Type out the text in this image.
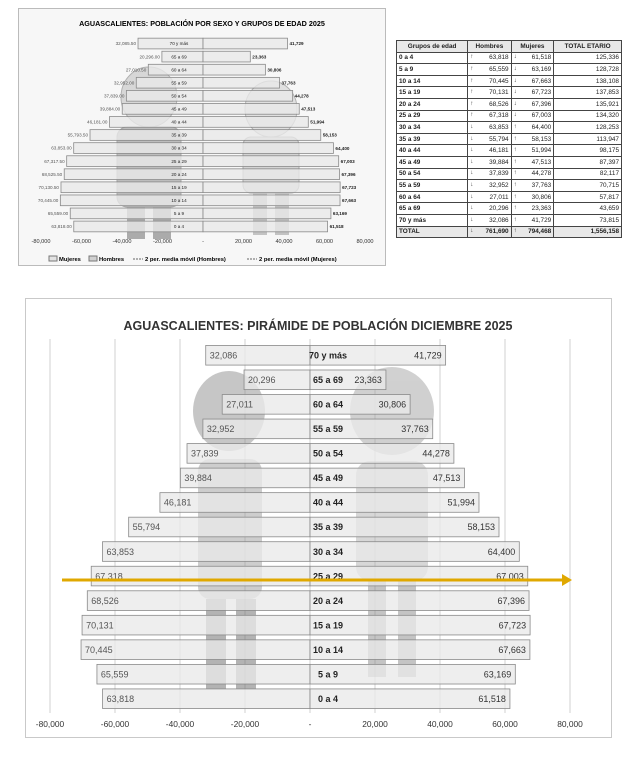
AGUASCALIENTES: POBLACIÓN POR SEXO Y GRUPOS DE EDAD 2025
70 y más
32,085.50
65 a 69
20,296.00
60 a 64
27,010.50
55 a 59
32,952.00
50 a 54
37,839.00
45 a 49
39,884.00
40 a 44
46,181.00
35 a 39
55,793.50
30 a 34
63,853.00
25 a 29
67,317.50
20 a 24
68,525.50
15 a 19
70,130.50
10 a 14
70,445.00
5 a 9
65,559.00
0 a 4
63,818.00
41,729
23,363
30,806
37,763
44,278
47,513
51,994
58,153
64,400
67,003
67,396
67,723
67,663
63,169
61,518
-80,000	-60,000	-40,000	-20,000	-	20,000	40,000	60,000	80,000
Mujeres	Hombres	2 per. media móvil (Hombres)	2 per. media móvil (Mujeres)
Grupos de edad	Hombres	Mujeres	TOTAL ETARIO
0 a 4	↑ 63,818	↓ 61,518	125,336
5 a 9	↑ 65,559	↓ 63,169	128,728
10 a 14	↑ 70,445	↓ 67,663	138,108
15 a 19	↑ 70,131	↓ 67,723	137,853
20 a 24	↑ 68,526	↓ 67,396	135,921
25 a 29	↑ 67,318	↓ 67,003	134,320
30 a 34	↓ 63,853	↑ 64,400	128,253
35 a 39	↓ 55,794	↑ 58,153	113,947
40 a 44	↓ 46,181	↑ 51,994	98,175
45 a 49	↓ 39,884	↑ 47,513	87,397
50 a 54	↓ 37,839	↑ 44,278	82,117
55 a 59	↓ 32,952	↑ 37,763	70,715
60 a 64	↓ 27,011	↑ 30,806	57,817
65 a 69	↓ 20,296	↑ 23,363	43,659
70 y más	↓ 32,086	↑ 41,729	73,815
TOTAL	↓ 761,690	↑ 794,468	1,556,158
AGUASCALIENTES: PIRÁMIDE DE POBLACIÓN DICIEMBRE 2025
70 y más
32,086	41,729
65 a 69
20,296	23,363
60 a 64
27,011	30,806
55 a 59
32,952	37,763
50 a 54
37,839	44,278
45 a 49
39,884	47,513
40 a 44
46,181	51,994
35 a 39
55,794	58,153
30 a 34
63,853	64,400
25 a 29
67,318	67,003
20 a 24
68,526	67,396
15 a 19
70,131	67,723
10 a 14
70,445	67,663
5 a 9
65,559	63,169
0 a 4
63,818	61,518
-80,000	-60,000	-40,000	-20,000	-	20,000	40,000	60,000	80,000
